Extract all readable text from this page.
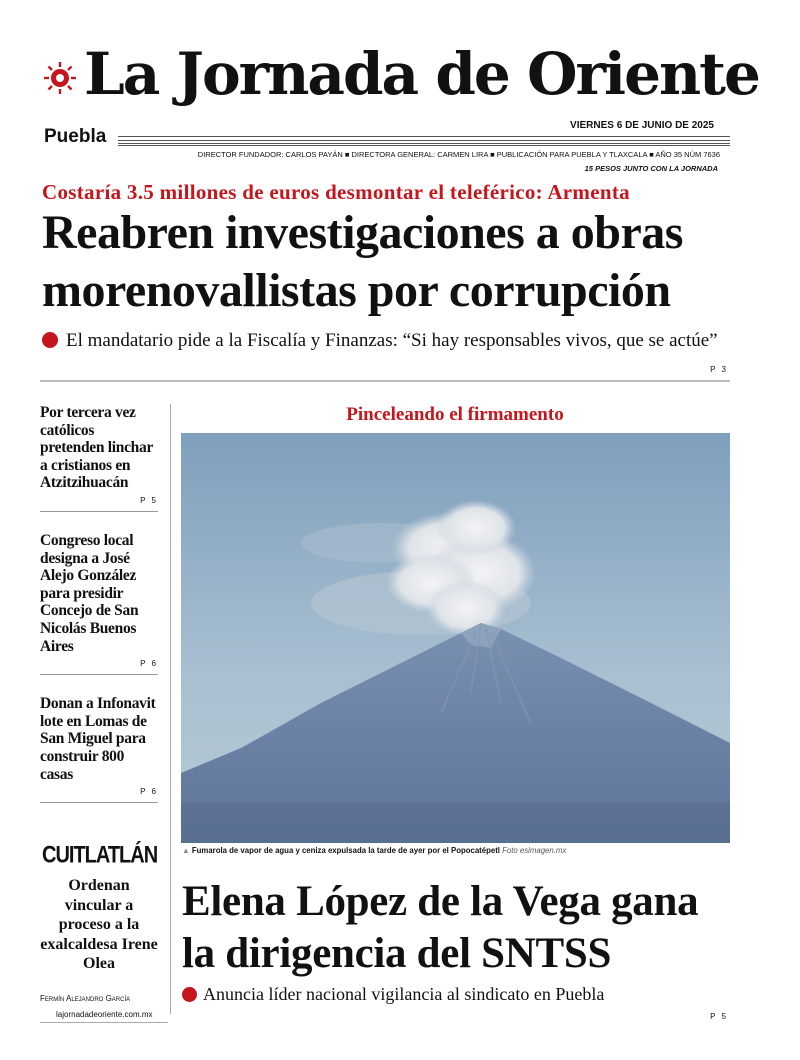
La Jornada de Oriente
Puebla
VIERNES 6 DE JUNIO DE 2025
DIRECTOR FUNDADOR: CARLOS PAYÁN ■ DIRECTORA GENERAL: CARMEN LIRA ■ PUBLICACIÓN PARA PUEBLA Y TLAXCALA ■ AÑO 35 NÚM 7636
15 PESOS JUNTO CON LA JORNADA
Costaría 3.5 millones de euros desmontar el teleférico: Armenta
Reabren investigaciones a obras
morenovallistas por corrupción
El mandatario pide a la Fiscalía y Finanzas: “Si hay responsables vivos, que se actúe”
P 3
Por tercera vez católicos pretenden linchar a cristianos en Atzitzihuacán
P 5
Congreso local designa a José Alejo González para presidir Concejo de San Nicolás Buenos Aires
P 6
Donan a Infonavit lote en Lomas de San Miguel para construir 800 casas
P 6
CUITLATLÁN
Ordenan vincular a proceso a la exalcaldesa Irene Olea
Fermín Alejandro García
lajornadadeoriente.com.mx
Pinceleando el firmamento
▲ Fumarola de vapor de agua y ceniza expulsada la tarde de ayer por el Popocatépetl Foto esimagen.mx
Elena López de la Vega gana
la dirigencia del SNTSS
Anuncia líder nacional vigilancia al sindicato en Puebla
P 5
